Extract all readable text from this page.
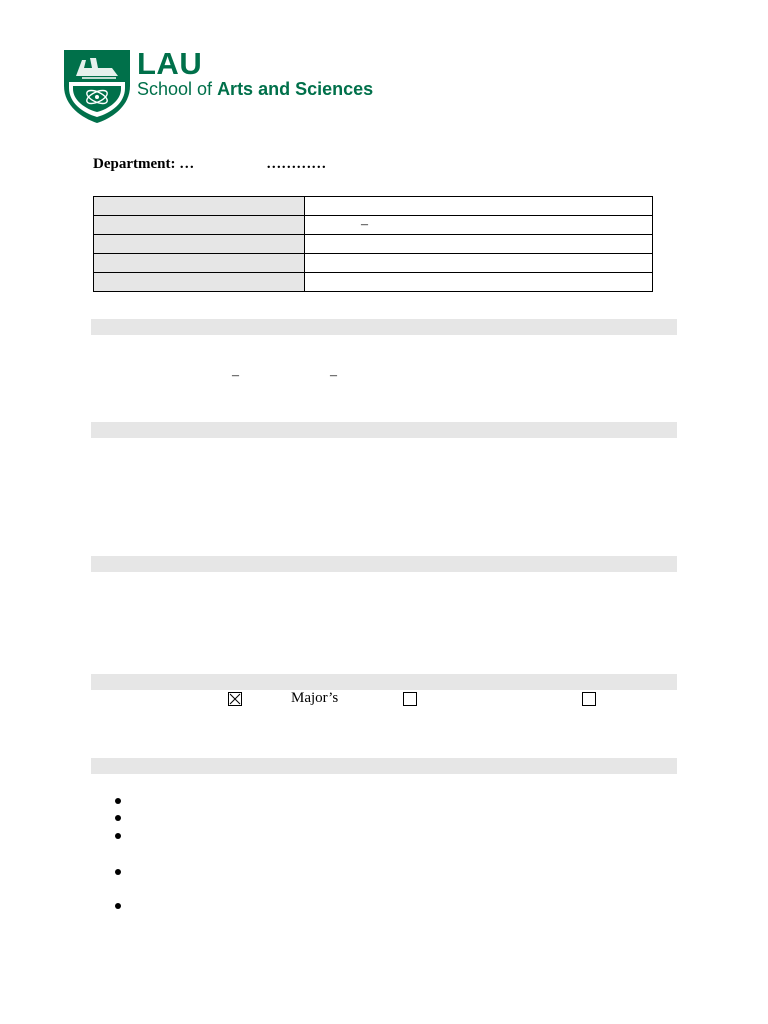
LAU
School of Arts and Sciences
Department: …	…………

	–

–	–
Major’s
